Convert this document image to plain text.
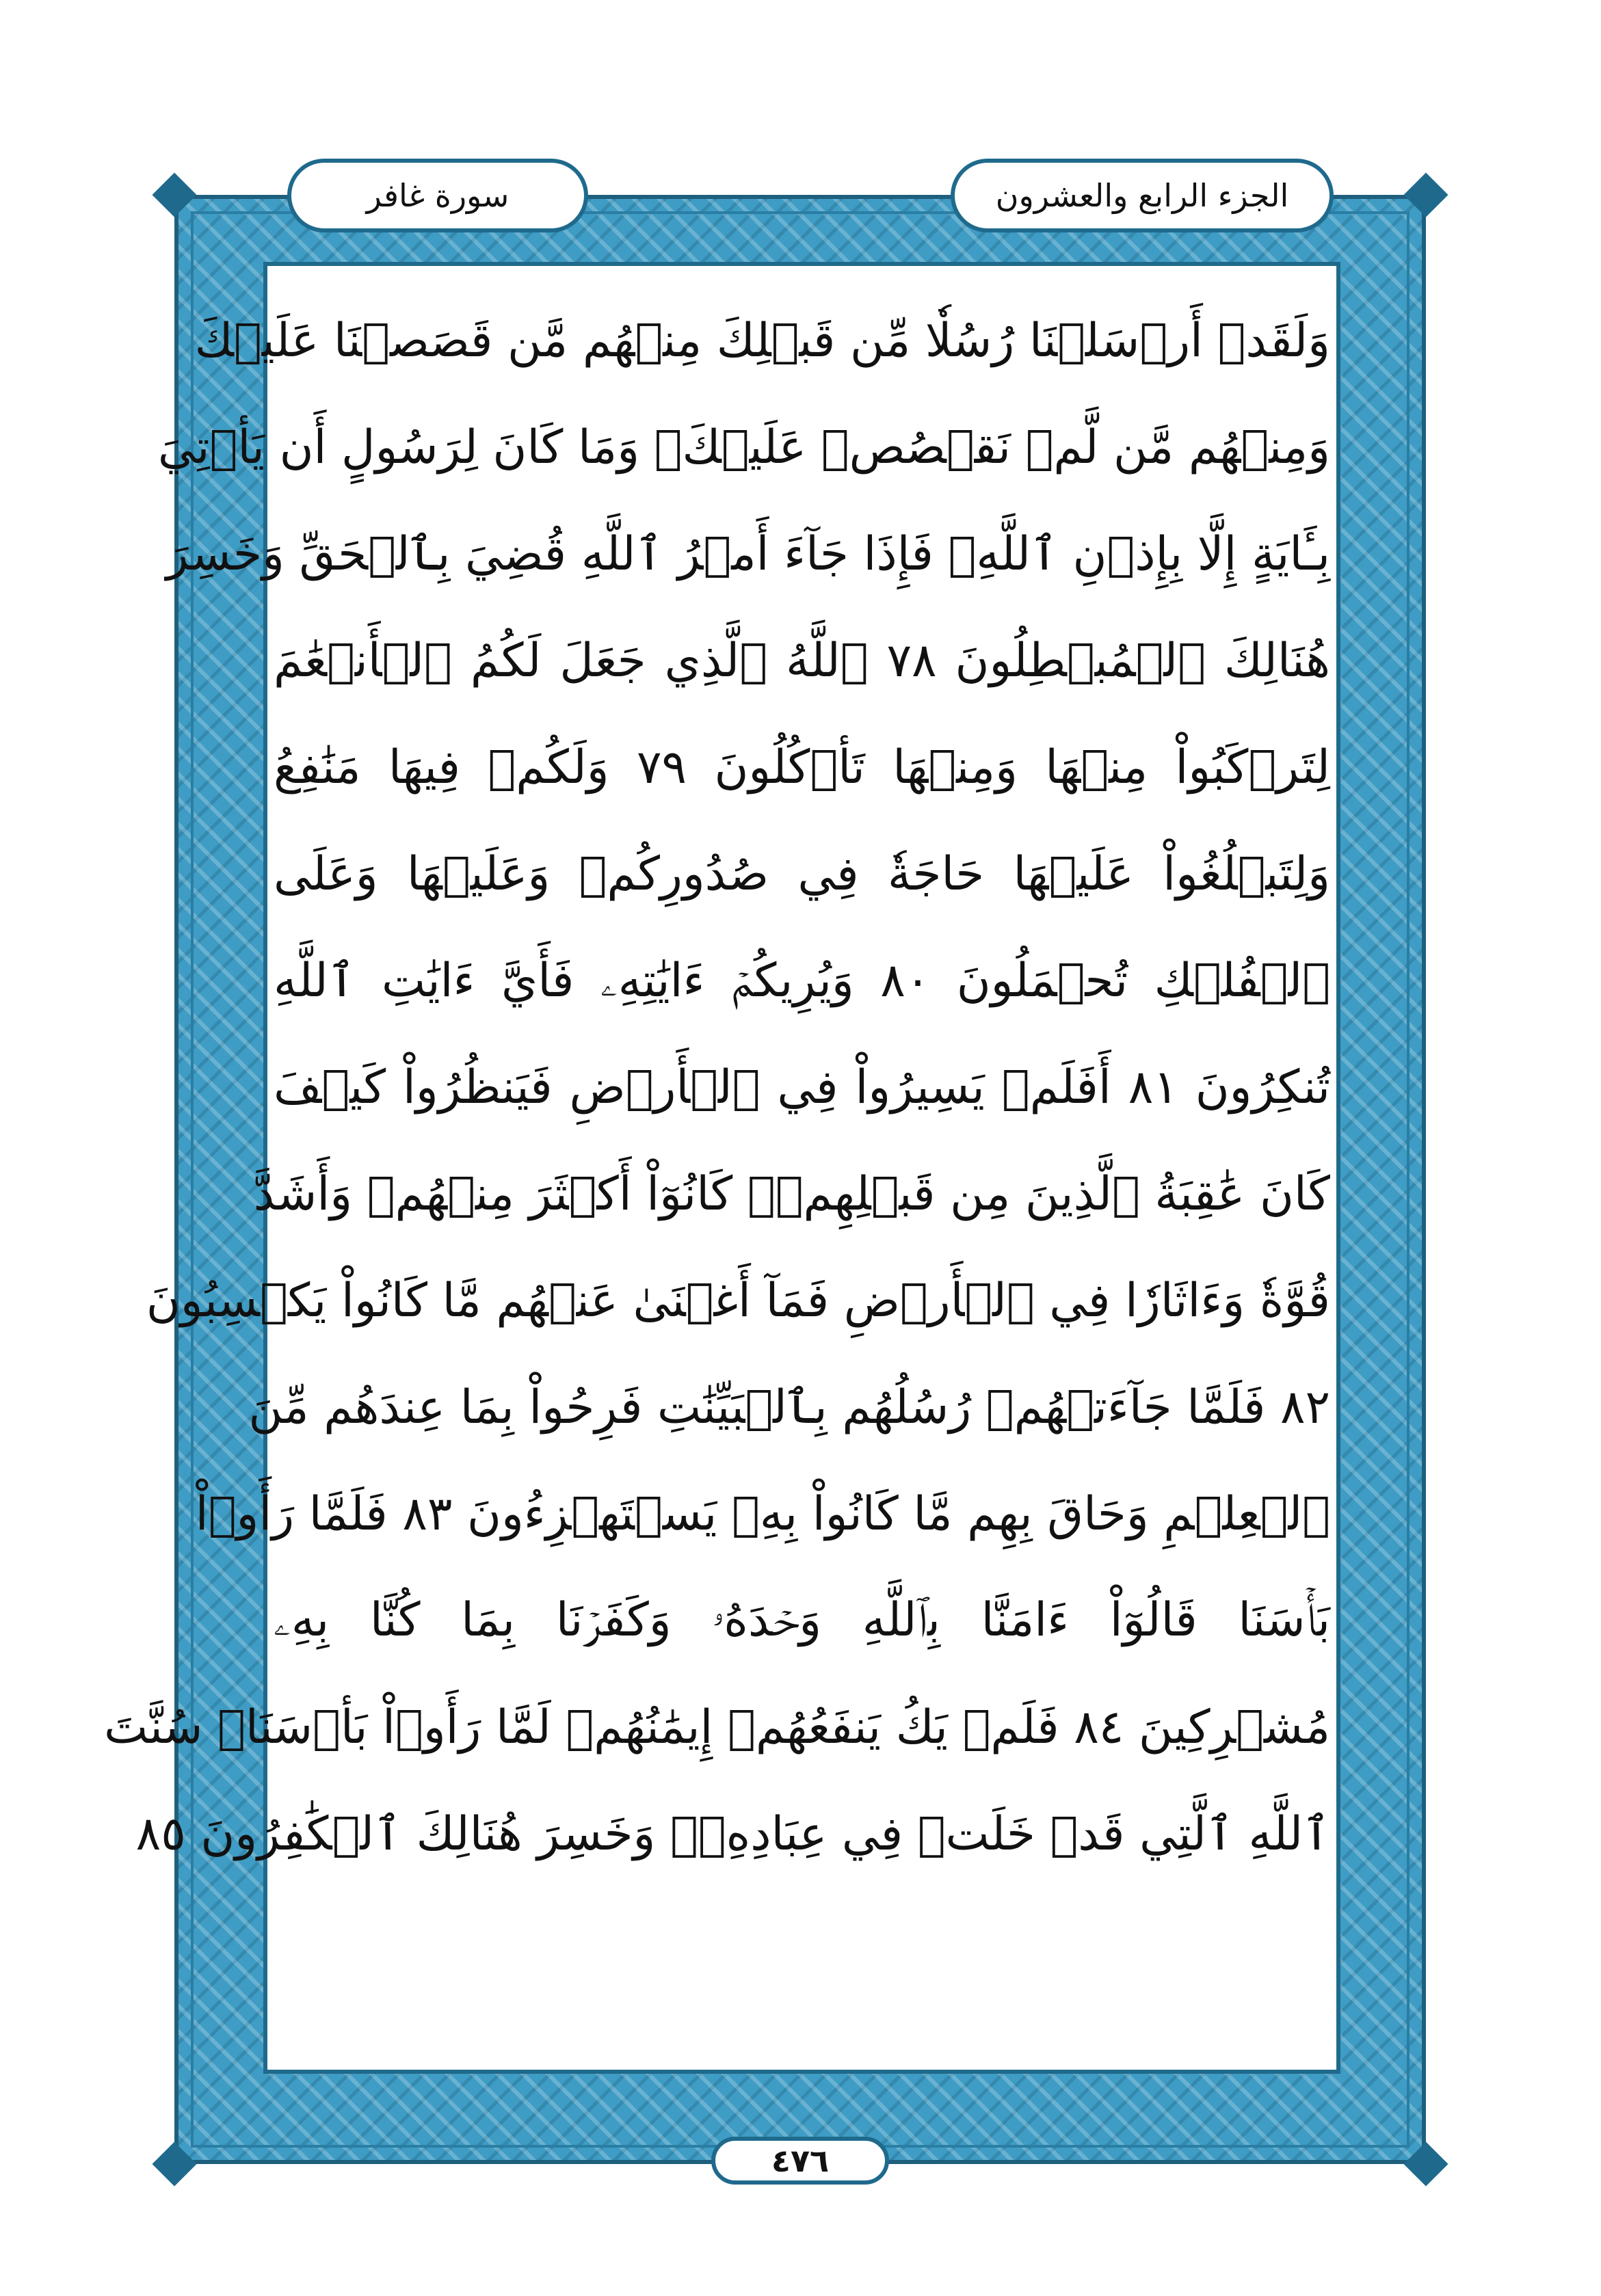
الجزء الرابع والعشرون
سورة غافر
وَلَقَدۡ أَرۡسَلۡنَا رُسُلٗا مِّن قَبۡلِكَ مِنۡهُم مَّن قَصَصۡنَا عَلَيۡكَ
وَمِنۡهُم مَّن لَّمۡ نَقۡصُصۡ عَلَيۡكَۗ وَمَا كَانَ لِرَسُولٍ أَن يَأۡتِيَ
بِـَٔايَةٍ إِلَّا بِإِذۡنِ ٱللَّهِۚ فَإِذَا جَآءَ أَمۡرُ ٱللَّهِ قُضِيَ بِٱلۡحَقِّ وَخَسِرَ
هُنَالِكَ ٱلۡمُبۡطِلُونَ ٧٨ ٱللَّهُ ٱلَّذِي جَعَلَ لَكُمُ ٱلۡأَنۡعَٰمَ
لِتَرۡكَبُواْ مِنۡهَا وَمِنۡهَا تَأۡكُلُونَ ٧٩ وَلَكُمۡ فِيهَا مَنَٰفِعُ
وَلِتَبۡلُغُواْ عَلَيۡهَا حَاجَةٗ فِي صُدُورِكُمۡ وَعَلَيۡهَا وَعَلَى
ٱلۡفُلۡكِ تُحۡمَلُونَ ٨٠ وَيُرِيكُمۡ ءَايَٰتِهِۦ فَأَيَّ ءَايَٰتِ ٱللَّهِ
تُنكِرُونَ ٨١ أَفَلَمۡ يَسِيرُواْ فِي ٱلۡأَرۡضِ فَيَنظُرُواْ كَيۡفَ
كَانَ عَٰقِبَةُ ٱلَّذِينَ مِن قَبۡلِهِمۡۚ كَانُوٓاْ أَكۡثَرَ مِنۡهُمۡ وَأَشَدَّ
قُوَّةٗ وَءَاثَارٗا فِي ٱلۡأَرۡضِ فَمَآ أَغۡنَىٰ عَنۡهُم مَّا كَانُواْ يَكۡسِبُونَ
٨٢ فَلَمَّا جَآءَتۡهُمۡ رُسُلُهُم بِٱلۡبَيِّنَٰتِ فَرِحُواْ بِمَا عِندَهُم مِّنَ
ٱلۡعِلۡمِ وَحَاقَ بِهِم مَّا كَانُواْ بِهِۦ يَسۡتَهۡزِءُونَ ٨٣ فَلَمَّا رَأَوۡاْ
بَأۡسَنَا قَالُوٓاْ ءَامَنَّا بِٱللَّهِ وَحۡدَهُۥ وَكَفَرۡنَا بِمَا كُنَّا بِهِۦ
مُشۡرِكِينَ ٨٤ فَلَمۡ يَكُ يَنفَعُهُمۡ إِيمَٰنُهُمۡ لَمَّا رَأَوۡاْ بَأۡسَنَاۖ سُنَّتَ
ٱللَّهِ ٱلَّتِي قَدۡ خَلَتۡ فِي عِبَادِهِۦۖ وَخَسِرَ هُنَالِكَ ٱلۡكَٰفِرُونَ ٨٥
٤٧٦
